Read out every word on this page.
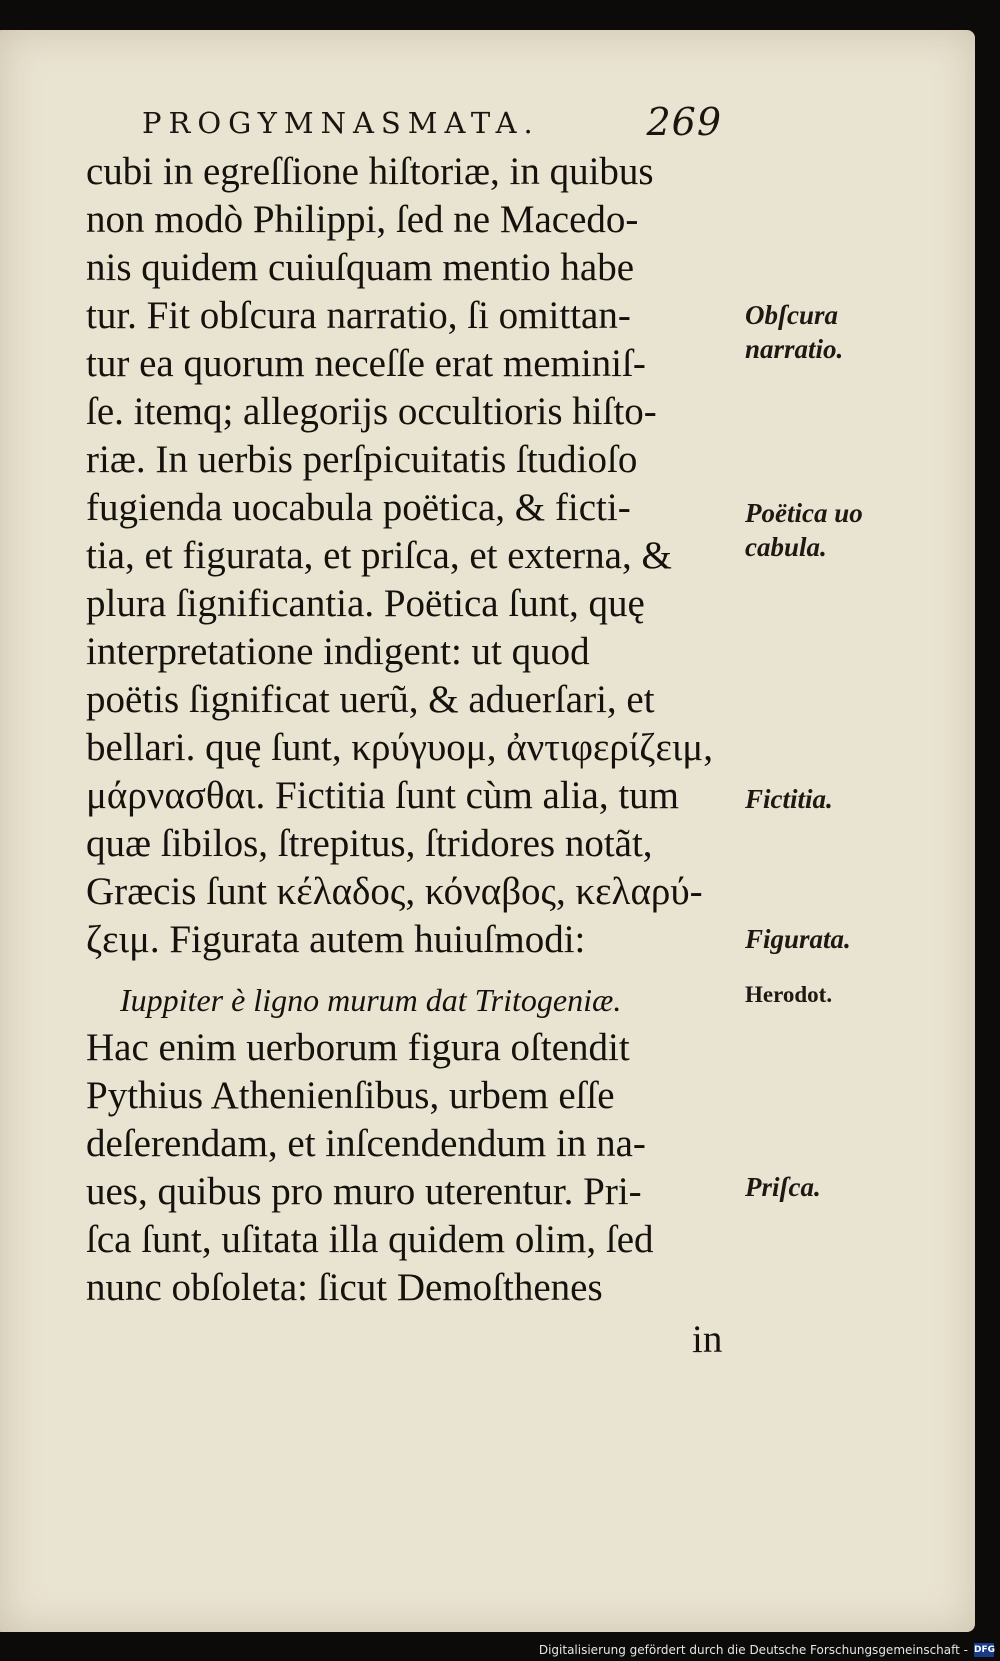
PROGYMNASMATA.	269
cubi in egreſſione hiſtoriæ, in quibus
non modò Philippi, ſed ne Macedo-
nis quidem cuiuſquam mentio habe
tur. Fit obſcura narratio, ſi omittan-
tur ea quorum neceſſe erat meminiſ-
ſe. itemq; allegorijs occultioris hiſto-
riæ. In uerbis perſpicuitatis ſtudioſo
fugienda uocabula poëtica, & ficti-
tia, et figurata, et priſca, et externa, &
plura ſignificantia. Poëtica ſunt, quę
interpretatione indigent: ut quod
poëtis ſignificat uerũ, & aduerſari, et
bellari. quę ſunt, κρύγυομ, ἀντιφερίζειμ,
μάρνασθαι. Fictitia ſunt cùm alia, tum
quæ ſibilos, ſtrepitus, ſtridores notãt,
Græcis ſunt κέλαδος, κόναβος, κελαρύ-
ζειμ. Figurata autem huiuſmodi:
Iuppiter è ligno murum dat Tritogeniæ.
Hac enim uerborum figura oſtendit
Pythius Athenienſibus, urbem eſſe
deſerendam, et inſcendendum in na-
ues, quibus pro muro uterentur. Pri-
ſca ſunt, uſitata illa quidem olim, ſed
nunc obſoleta: ſicut Demoſthenes
in
Obſcura
narratio.
Poëtica uo
cabula.
Fictitia.
Figurata.
Herodot.
Priſca.
Digitalisierung gefördert durch die Deutsche Forschungsgemeinschaft - DFG
